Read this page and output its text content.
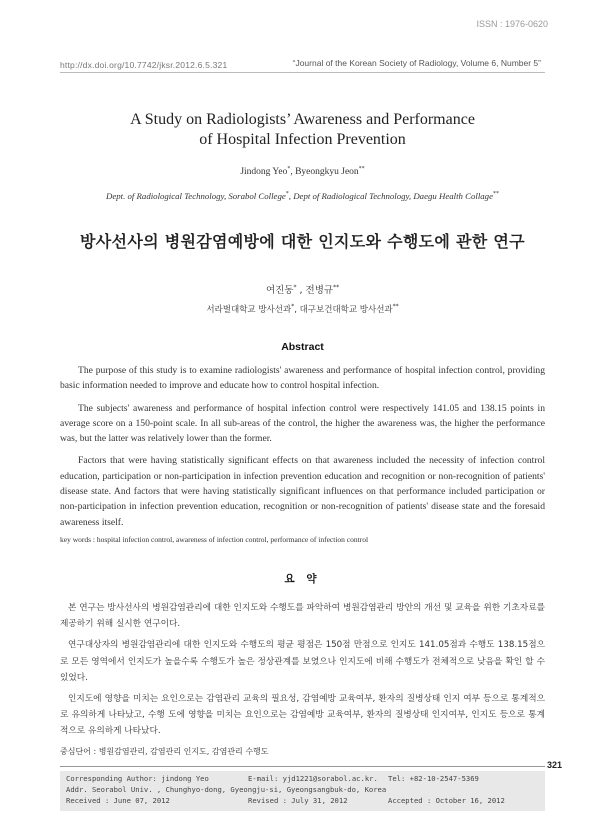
ISSN : 1976-0620
http://dx.doi.org/10.7742/jksr.2012.6.5.321	“Journal of the Korean Society of Radiology, Volume 6, Number 5”
A Study on Radiologists’ Awareness and Performance
of Hospital Infection Prevention
Jindong Yeo*, Byeongkyu Jeon**
Dept. of Radiological Technology, Sorabol College*, Dept of Radiological Technology, Daegu Health Collage**
방사선사의 병원감염예방에 대한 인지도와 수행도에 관한 연구
여진동* , 전병규**
서라벌대학교 방사선과*, 대구보건대학교 방사선과**
Abstract

The purpose of this study is to examine radiologists' awareness and performance of hospital infection control, providing basic information needed to improve and educate how to control hospital infection.

The subjects' awareness and performance of hospital infection control were respectively 141.05 and 138.15 points in average score on a 150-point scale. In all sub-areas of the control, the higher the awareness was, the higher the performance was, but the latter was relatively lower than the former.

Factors that were having statistically significant effects on that awareness included the necessity of infection control education, participation or non-participation in infection prevention education and recognition or non-recognition of patients' disease state. And factors that were having statistically significant influences on that performance included participation or non-participation in infection prevention education, recognition or non-recognition of patients' disease state and the foresaid awareness itself.

key words : hospital infection control, awareness of infection control, performance of infection control
요 약

본 연구는 방사선사의 병원감염관리에 대한 인지도와 수행도를 파악하여 병원감염관리 방안의 개선 및 교육을 위한 기초자료를 제공하기 위해 실시한 연구이다.

연구대상자의 병원감염관리에 대한 인지도와 수행도의 평균 평점은 150점 만점으로 인지도 141.05점과 수행도 138.15점으로 모든 영역에서 인지도가 높을수록 수행도가 높은 정상관계를 보였으나 인지도에 비해 수행도가 전체적으로 낮음을 확인 할 수 있었다.

인지도에 영향을 미치는 요인으로는 감염관리 교육의 필요성, 감염예방 교육여부, 환자의 질병상태 인지 여부 등으로 통계적으로 유의하게 나타났고, 수행 도에 영향을 미치는 요인으로는 감염예방 교육여부, 환자의 질병상태 인지여부, 인지도 등으로 통계적으로 유의하게 나타났다.

중심단어 : 병원감염관리, 감염관리 인지도, 감염관리 수행도
321
Corresponding Author: jindong Yeo	E-mail: yjd1221@sorabol.ac.kr. Tel: +82-10-2547-5369
Addr. Seorabol Univ. , Chunghyo-dong, Gyeongju-si, Gyeongsangbuk-do, Korea
Received : June 07, 2012	Revised : July 31, 2012	Accepted : October 16, 2012
